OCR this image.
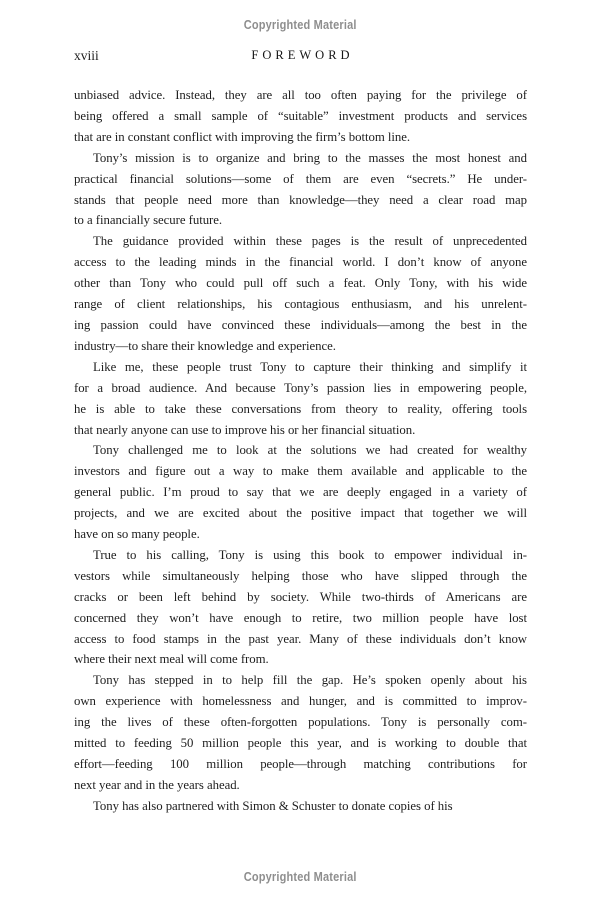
Copyrighted Material
xviii	FOREWORD
unbiased advice. Instead, they are all too often paying for the privilege of
being offered a small sample of “suitable” investment products and services
that are in constant conflict with improving the firm’s bottom line.
Tony’s mission is to organize and bring to the masses the most honest and
practical financial solutions—some of them are even “secrets.” He under-
stands that people need more than knowledge—they need a clear road map
to a financially secure future.
The guidance provided within these pages is the result of unprecedented
access to the leading minds in the financial world. I don’t know of anyone
other than Tony who could pull off such a feat. Only Tony, with his wide
range of client relationships, his contagious enthusiasm, and his unrelent-
ing passion could have convinced these individuals—among the best in the
industry—to share their knowledge and experience.
Like me, these people trust Tony to capture their thinking and simplify it
for a broad audience. And because Tony’s passion lies in empowering people,
he is able to take these conversations from theory to reality, offering tools
that nearly anyone can use to improve his or her financial situation.
Tony challenged me to look at the solutions we had created for wealthy
investors and figure out a way to make them available and applicable to the
general public. I’m proud to say that we are deeply engaged in a variety of
projects, and we are excited about the positive impact that together we will
have on so many people.
True to his calling, Tony is using this book to empower individual in-
vestors while simultaneously helping those who have slipped through the
cracks or been left behind by society. While two-thirds of Americans are
concerned they won’t have enough to retire, two million people have lost
access to food stamps in the past year. Many of these individuals don’t know
where their next meal will come from.
Tony has stepped in to help fill the gap. He’s spoken openly about his
own experience with homelessness and hunger, and is committed to improv-
ing the lives of these often-forgotten populations. Tony is personally com-
mitted to feeding 50 million people this year, and is working to double that
effort—feeding 100 million people—through matching contributions for
next year and in the years ahead.
Tony has also partnered with Simon & Schuster to donate copies of his
Copyrighted Material
